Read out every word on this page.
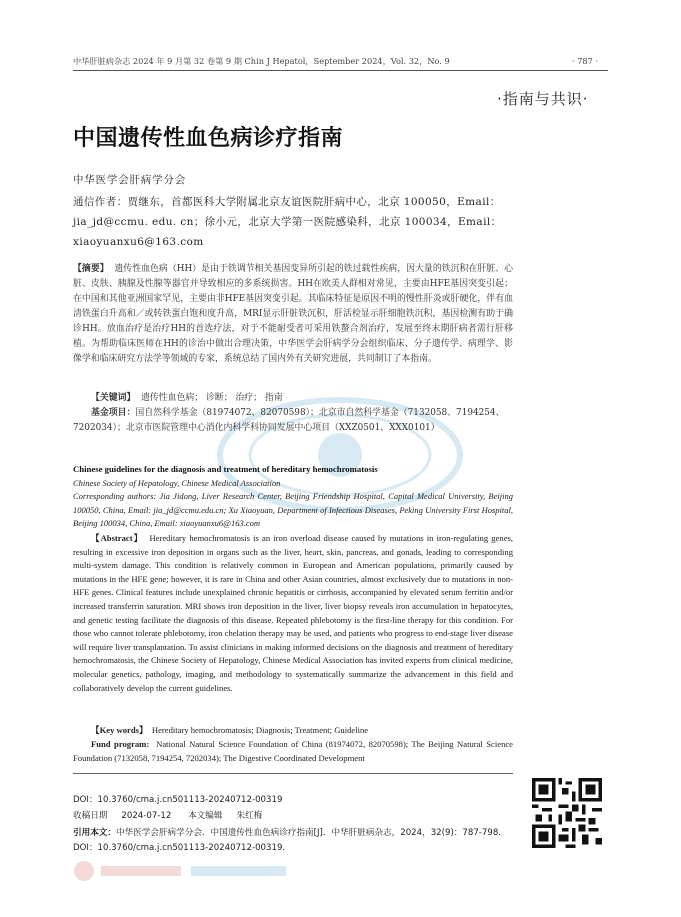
中华肝脏病杂志 2024 年 9 月第 32 卷第 9 期 Chin J Hepatol，September 2024，Vol. 32，No. 9	· 787 ·
·指南与共识·
中国遗传性血色病诊疗指南
中华医学会肝病学分会
通信作者：贾继东，首都医科大学附属北京友谊医院肝病中心，北京 100050，Email：jia_jd@ccmu. edu. cn；徐小元，北京大学第一医院感染科，北京 100034，Email：xiaoyuanxu6@163.com
【摘要】 遗传性血色病（HH）是由于铁调节相关基因变异所引起的铁过载性疾病，因大量的铁沉积在肝脏、心脏、皮肤、胰腺及性腺等器官并导致相应的多系统损害。HH在欧美人群相对常见，主要由HFE基因突变引起；在中国和其他亚洲国家罕见，主要由非HFE基因突变引起。其临床特征是原因不明的慢性肝炎或肝硬化，伴有血清铁蛋白升高和／或转铁蛋白饱和度升高，MRI显示肝脏铁沉积，肝活检显示肝细胞铁沉积，基因检测有助于确诊HH。放血治疗是治疗HH的首选疗法，对于不能耐受者可采用铁螯合剂治疗，发展至终末期肝病者需行肝移植。为帮助临床医师在HH的诊治中做出合理决策，中华医学会肝病学分会组织临床、分子遗传学、病理学、影像学和临床研究方法学等领域的专家，系统总结了国内外有关研究进展，共同制订了本指南。
【关键词】 遗传性血色病； 诊断； 治疗； 指南
基金项目：国自然科学基金（81974072、82070598）；北京市自然科学基金（7132058、7194254、7202034）；北京市医院管理中心消化内科学科协同发展中心项目（XXZ0501、XXX0101）
Chinese guidelines for the diagnosis and treatment of hereditary hemochromatosis
Chinese Society of Hepatology, Chinese Medical Association
Corresponding authors: Jia Jidong, Liver Research Center, Beijing Friendship Hospital, Capital Medical University, Beijing 100050, China, Email: jia_jd@ccmu.edu.cn; Xu Xiaoyuan, Department of Infectious Diseases, Peking University First Hospital, Beijing 100034, China, Email: xiaoyuanxu6@163.com
【Abstract】 Hereditary hemochromatosis is an iron overload disease caused by mutations in iron-regulating genes, resulting in excessive iron deposition in organs such as the liver, heart, skin, pancreas, and gonads, leading to corresponding multi-system damage. This condition is relatively common in European and American populations, primarily caused by mutations in the HFE gene; however, it is rare in China and other Asian countries, almost exclusively due to mutations in non-HFE genes. Clinical features include unexplained chronic hepatitis or cirrhosis, accompanied by elevated serum ferritin and/or increased transferrin saturation. MRI shows iron deposition in the liver, liver biopsy reveals iron accumulation in hepatocytes, and genetic testing facilitate the diagnosis of this disease. Repeated phlebotomy is the first-line therapy for this condition. For those who cannot tolerate phlebotomy, iron chelation therapy may be used, and patients who progress to end-stage liver disease will require liver transplantation. To assist clinicians in making informed decisions on the diagnosis and treatment of hereditary hemochromatosis, the Chinese Society of Hepatology, Chinese Medical Association has invited experts from clinical medicine, molecular genetics, pathology, imaging, and methodology to systematically summarize the advancement in this field and collaboratively develop the current guidelines.
【Key words】 Hereditary hemochromatosis; Diagnosis; Treatment; Guideline
Fund program: National Natural Science Foundation of China (81974072, 82070598); The Beijing Natural Science Foundation (7132058, 7194254, 7202034); The Digestive Coordinated Development
DOI：10.3760/cma.j.cn501113-20240712-00319
收稿日期 2024-07-12 本文编辑 朱红梅
引用本文：中华医学会肝病学分会．中国遗传性血色病诊疗指南[J]．中华肝脏病杂志，2024，32(9)：787-798．DOI：10.3760/cma.j.cn501113-20240712-00319．
